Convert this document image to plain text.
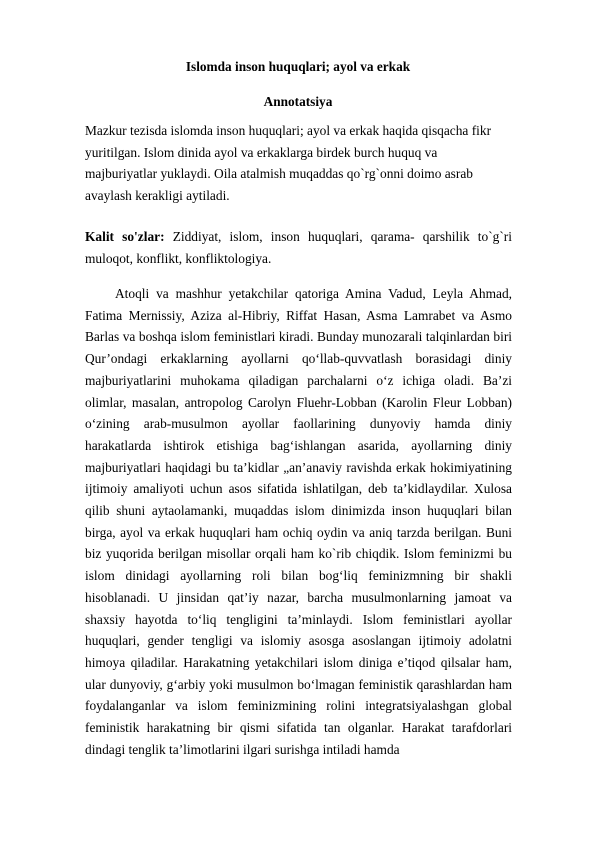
Islomda inson huquqlari; ayol va erkak
Annotatsiya

Mazkur tezisda islomda inson huquqlari; ayol va erkak haqida qisqacha fikr yuritilgan. Islom dinida ayol va erkaklarga birdek burch huquq va majburiyatlar yuklaydi. Oila atalmish muqaddas qo`rg`onni doimo asrab avaylash kerakligi aytiladi.

Kalit so'zlar: Ziddiyat, islom, inson huquqlari, qarama- qarshilik to`g`ri muloqot, konflikt, konfliktologiya.

Atoqli va mashhur yetakchilar qatoriga Amina Vadud, Leyla Ahmad, Fatima Mernissiy, Aziza al-Hibriy, Riffat Hasan, Asma Lamrabet va Asmo Barlas va boshqa islom feministlari kiradi. Bunday munozarali talqinlardan biri Qur’ondagi erkaklarning ayollarni qo‘llab-quvvatlash borasidagi diniy majburiyatlarini muhokama qiladigan parchalarni o‘z ichiga oladi. Ba’zi olimlar, masalan, antropolog Carolyn Fluehr-Lobban (Karolin Fleur Lobban) o‘zining arab-musulmon ayollar faollarining dunyoviy hamda diniy harakatlarda ishtirok etishiga bag‘ishlangan asarida, ayollarning diniy majburiyatlari haqidagi bu ta’kidlar „an’anaviy ravishda erkak hokimiyatining ijtimoiy amaliyoti uchun asos sifatida ishlatilgan, deb ta’kidlaydilar. Xulosa qilib shuni aytaolamanki, muqaddas islom dinimizda inson huquqlari bilan birga, ayol va erkak huquqlari ham ochiq oydin va aniq tarzda berilgan. Buni biz yuqorida berilgan misollar orqali ham ko`rib chiqdik. Islom feminizmi bu islom dinidagi ayollarning roli bilan bog‘liq feminizmning bir shakli hisoblanadi. U jinsidan qat’iy nazar, barcha musulmonlarning jamoat va shaxsiy hayotda to‘liq tengligini ta’minlaydi. Islom feministlari ayollar huquqlari, gender tengligi va islomiy asosga asoslangan ijtimoiy adolatni himoya qiladilar. Harakatning yetakchilari islom diniga e’tiqod qilsalar ham, ular dunyoviy, g‘arbiy yoki musulmon bo‘lmagan feministik qarashlardan ham foydalanganlar va islom feminizmining rolini integratsiyalashgan global feministik harakatning bir qismi sifatida tan olganlar. Harakat tarafdorlari dindagi tenglik ta’limotlarini ilgari surishga intiladi hamda
